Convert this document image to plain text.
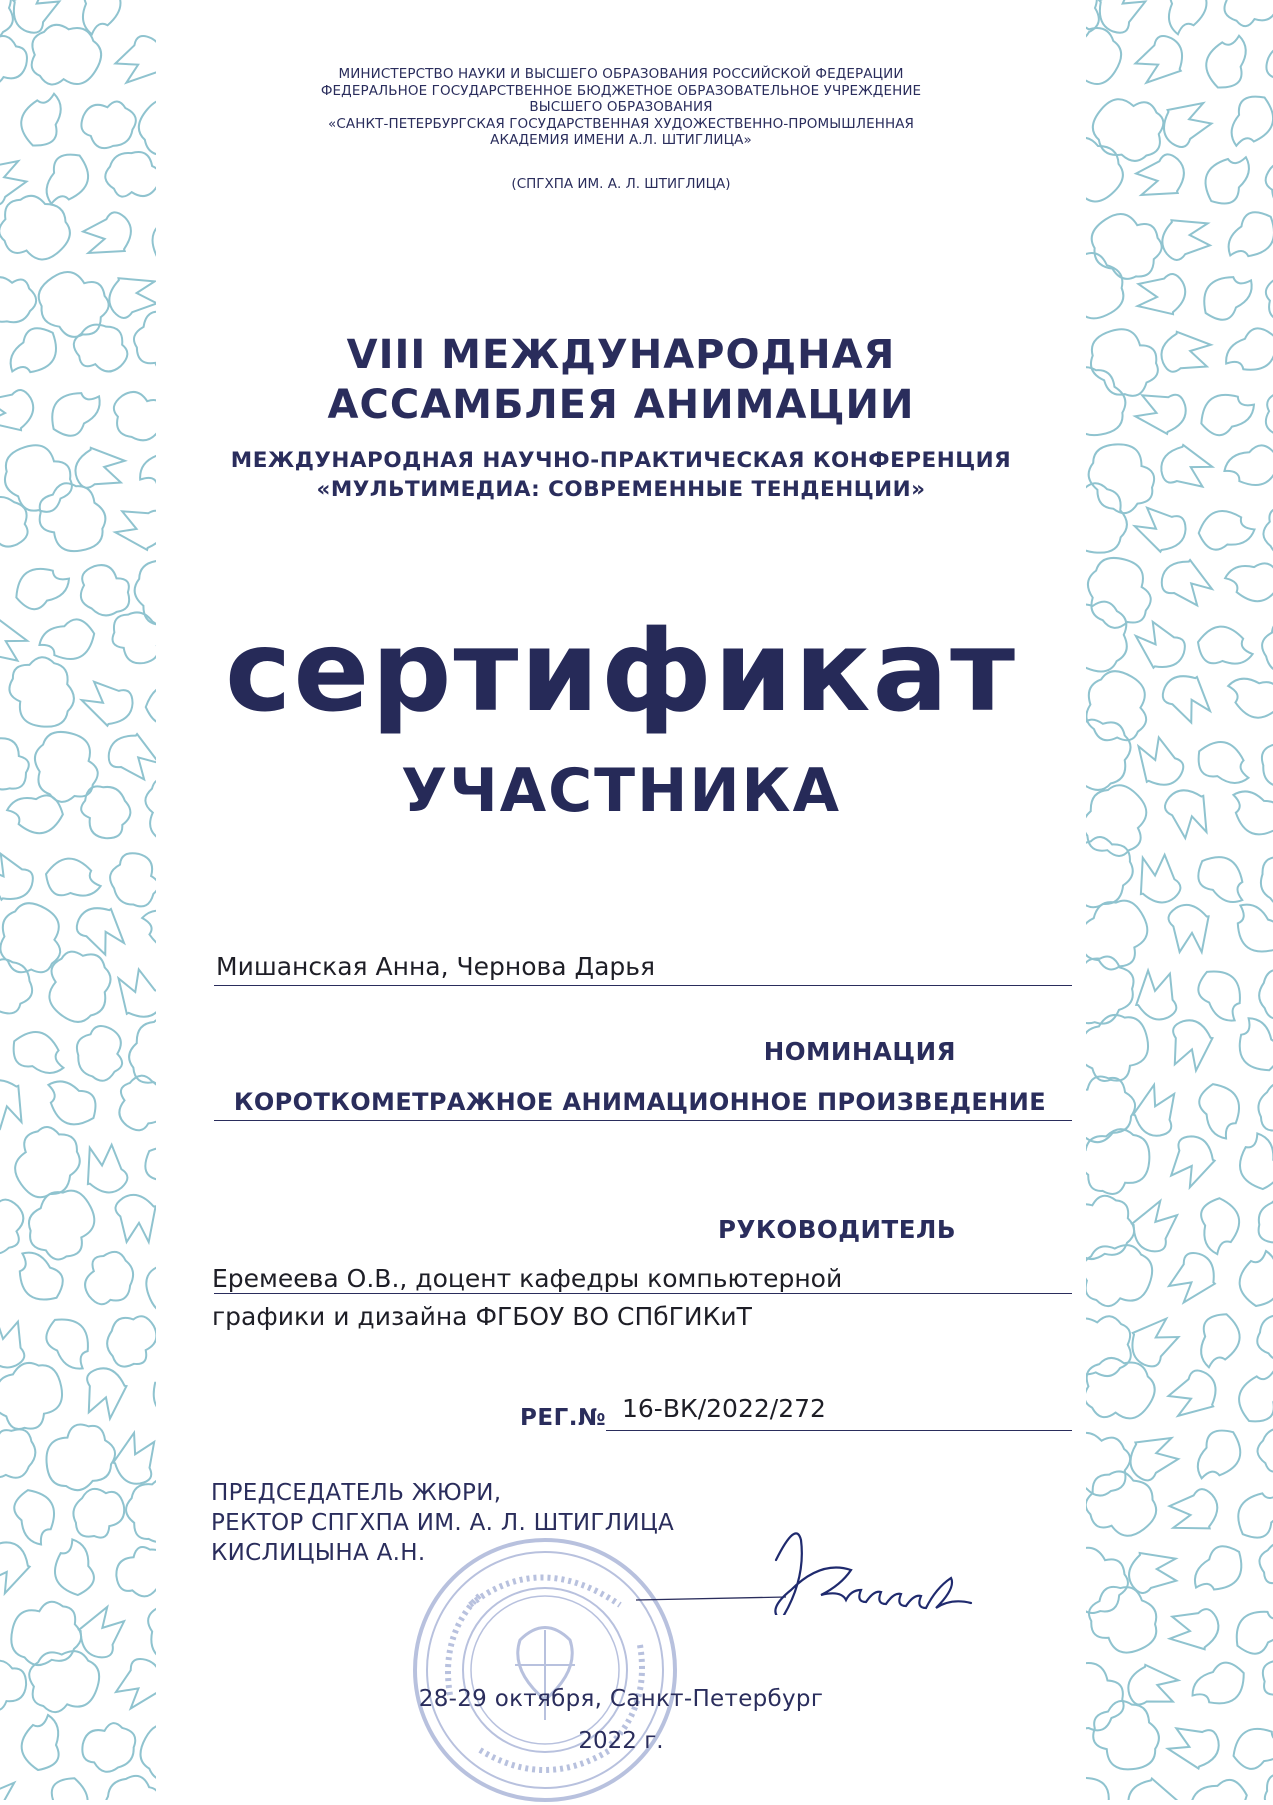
МИНИСТЕРСТВО НАУКИ И ВЫСШЕГО ОБРАЗОВАНИЯ РОССИЙСКОЙ ФЕДЕРАЦИИ
ФЕДЕРАЛЬНОЕ ГОСУДАРСТВЕННОЕ БЮДЖЕТНОЕ ОБРАЗОВАТЕЛЬНОЕ УЧРЕЖДЕНИЕ
ВЫСШЕГО ОБРАЗОВАНИЯ
«САНКТ-ПЕТЕРБУРГСКАЯ ГОСУДАРСТВЕННАЯ ХУДОЖЕСТВЕННО-ПРОМЫШЛЕННАЯ
АКАДЕМИЯ ИМЕНИ А.Л. ШТИГЛИЦА»
(СПГХПА ИМ. А. Л. ШТИГЛИЦА)
VIII МЕЖДУНАРОДНАЯ
АССАМБЛЕЯ АНИМАЦИИ
МЕЖДУНАРОДНАЯ НАУЧНО-ПРАКТИЧЕСКАЯ КОНФЕРЕНЦИЯ
«МУЛЬТИМЕДИА: СОВРЕМЕННЫЕ ТЕНДЕНЦИИ»
сертификат
УЧАСТНИКА
Мишанская Анна, Чернова Дарья
НОМИНАЦИЯ
КОРОТКОМЕТРАЖНОЕ АНИМАЦИОННОЕ ПРОИЗВЕДЕНИЕ
РУКОВОДИТЕЛЬ
Еремеева О.В., доцент кафедры компьютерной
графики и дизайна ФГБОУ ВО СПбГИКиТ
РЕГ.№ 16-ВК/2022/272
ПРЕДСЕДАТЕЛЬ ЖЮРИ,
РЕКТОР СПГХПА ИМ. А. Л. ШТИГЛИЦА
КИСЛИЦЫНА А.Н.
28-29 октября, Санкт-Петербург
2022 г.
